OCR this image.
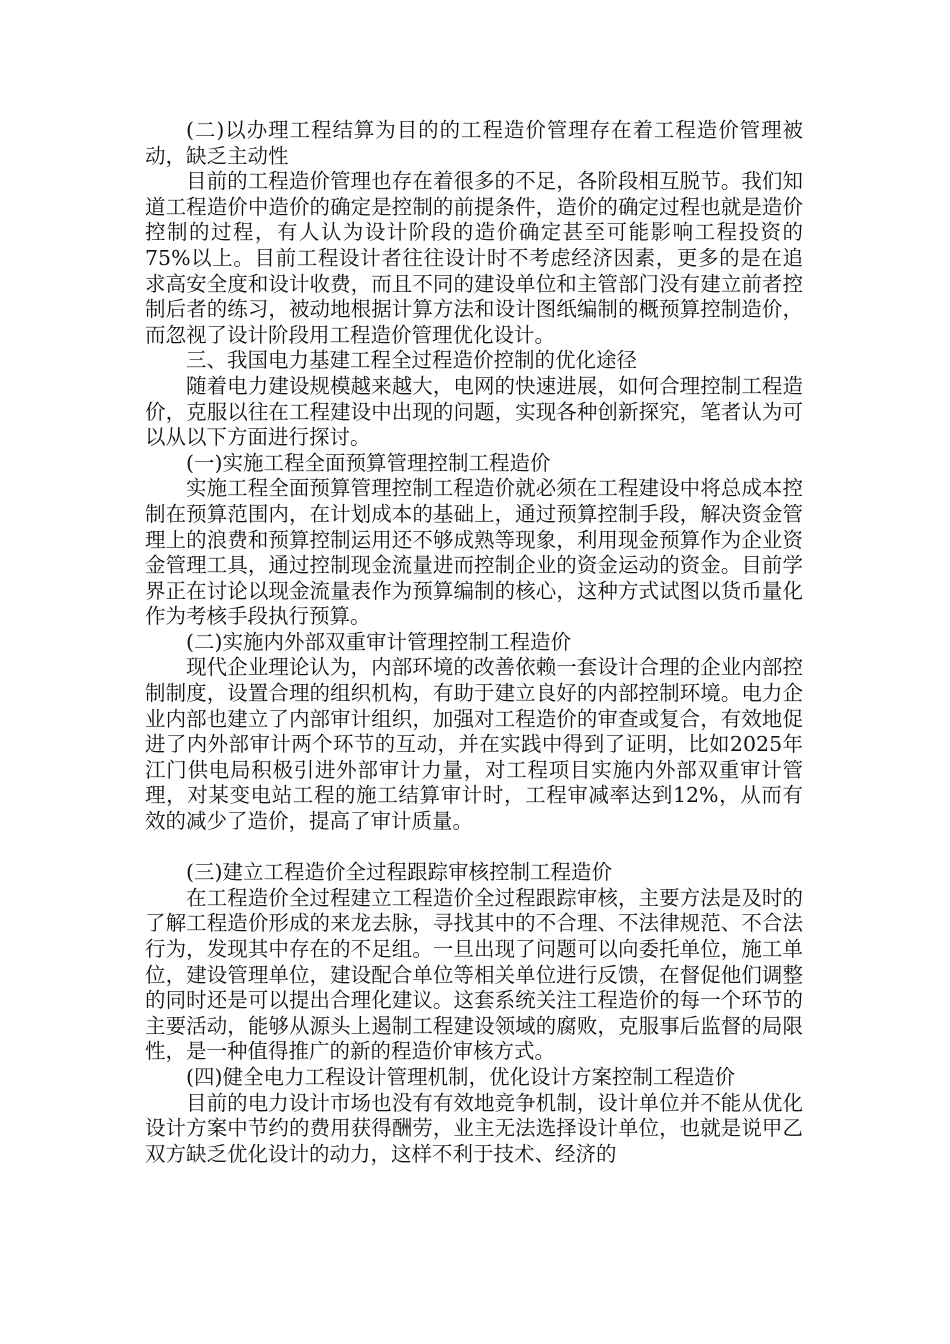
(二)以办理工程结算为目的的工程造价管理存在着工程造价管理被动，缺乏主动性

目前的工程造价管理也存在着很多的不足，各阶段相互脱节。我们知道工程造价中造价的确定是控制的前提条件，造价的确定过程也就是造价控制的过程，有人认为设计阶段的造价确定甚至可能影响工程投资的75%以上。目前工程设计者往往设计时不考虑经济因素，更多的是在追求高安全度和设计收费，而且不同的建设单位和主管部门没有建立前者控制后者的练习，被动地根据计算方法和设计图纸编制的概预算控制造价，而忽视了设计阶段用工程造价管理优化设计。

三、我国电力基建工程全过程造价控制的优化途径

随着电力建设规模越来越大，电网的快速进展，如何合理控制工程造价，克服以往在工程建设中出现的问题，实现各种创新探究，笔者认为可以从以下方面进行探讨。

(一)实施工程全面预算管理控制工程造价

实施工程全面预算管理控制工程造价就必须在工程建设中将总成本控制在预算范围内，在计划成本的基础上，通过预算控制手段，解决资金管理上的浪费和预算控制运用还不够成熟等现象，利用现金预算作为企业资金管理工具，通过控制现金流量进而控制企业的资金运动的资金。目前学界正在讨论以现金流量表作为预算编制的核心，这种方式试图以货币量化作为考核手段执行预算。

(二)实施内外部双重审计管理控制工程造价

现代企业理论认为，内部环境的改善依赖一套设计合理的企业内部控制制度，设置合理的组织机构，有助于建立良好的内部控制环境。电力企业内部也建立了内部审计组织，加强对工程造价的审查或复合，有效地促进了内外部审计两个环节的互动，并在实践中得到了证明，比如2025年江门供电局积极引进外部审计力量，对工程项目实施内外部双重审计管理，对某变电站工程的施工结算审计时，工程审减率达到12%，从而有效的减少了造价，提高了审计质量。

(三)建立工程造价全过程跟踪审核控制工程造价

在工程造价全过程建立工程造价全过程跟踪审核，主要方法是及时的了解工程造价形成的来龙去脉，寻找其中的不合理、不法律规范、不合法行为，发现其中存在的不足组。一旦出现了问题可以向委托单位，施工单位，建设管理单位，建设配合单位等相关单位进行反馈，在督促他们调整的同时还是可以提出合理化建议。这套系统关注工程造价的每一个环节的主要活动，能够从源头上遏制工程建设领域的腐败，克服事后监督的局限性，是一种值得推广的新的程造价审核方式。

(四)健全电力工程设计管理机制，优化设计方案控制工程造价

目前的电力设计市场也没有有效地竞争机制，设计单位并不能从优化设计方案中节约的费用获得酬劳，业主无法选择设计单位，也就是说甲乙双方缺乏优化设计的动力，这样不利于技术、经济的
